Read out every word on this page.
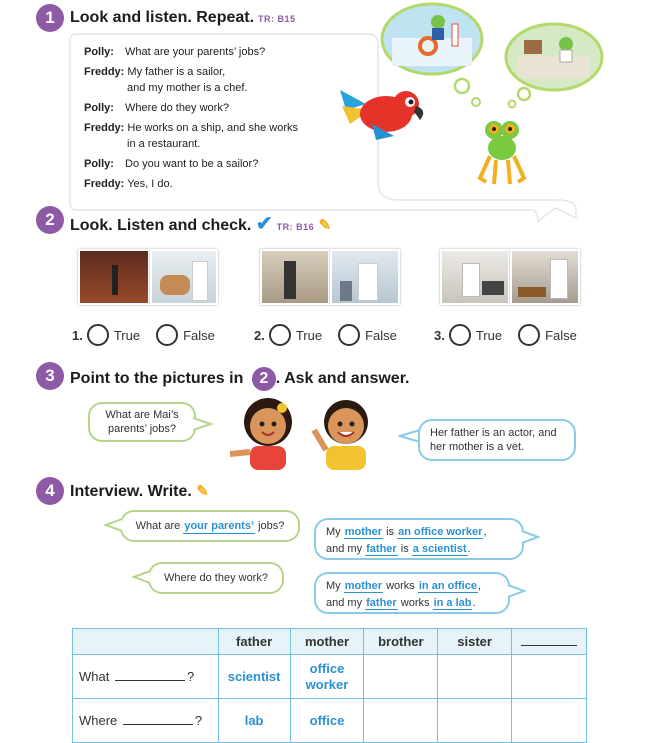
1 Look and listen. Repeat. TR: B15
Polly: What are your parents’ jobs?
Freddy: My father is a sailor,
and my mother is a chef.
Polly: Where do they work?
Freddy: He works on a ship, and she works
in a restaurant.
Polly: Do you want to be a sailor?
Freddy: Yes, I do.
2 Look. Listen and check. ✔ TR: B16 ✎
1. True	False	2. True	False	3. True	False
3 Point to the pictures in 2 . Ask and answer.
What are Mai’s parents’ jobs?	Her father is an actor, and her mother is a vet.
4 Interview. Write. ✎
What are
your parents’
jobs?	My mother is an office worker,
and my father is a scientist.
Where do they work?
My mother works in an office,
and my father works in a lab.
	father	mother	brother	sister	
What ?	scientist	office worker			
Where ?	lab	office			
